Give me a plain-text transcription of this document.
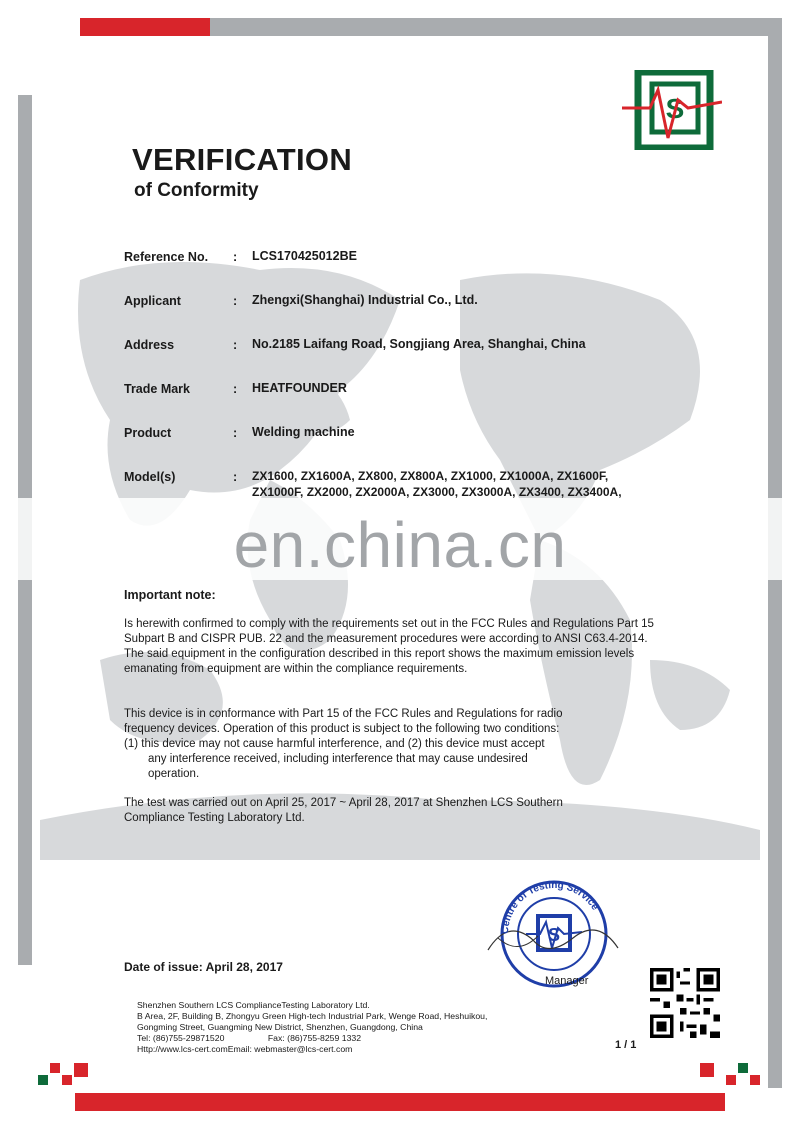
en.china.cn
S
VERIFICATION
of Conformity
Reference No. : LCS170425012BE
Applicant	: Zhengxi(Shanghai) Industrial Co., Ltd.
Address	: No.2185 Laifang Road, Songjiang Area, Shanghai, China
Trade Mark	: HEATFOUNDER
Product	: Welding machine
Model(s)	: ZX1600, ZX1600A, ZX800, ZX800A, ZX1000, ZX1000A, ZX1600F,
ZX1000F, ZX2000, ZX2000A, ZX3000, ZX3000A, ZX3400, ZX3400A,
Important note:
Is herewith confirmed to comply with the requirements set out in the FCC Rules and Regulations Part 15 Subpart B and CISPR PUB. 22 and the measurement procedures were according to ANSI C63.4-2014. The said equipment in the configuration described in this report shows the maximum emission levels emanating from equipment are within the compliance requirements.
This device is in conformance with Part 15 of the FCC Rules and Regulations for radio
frequency devices. Operation of this product is subject to the following two conditions:
(1) this device may not cause harmful interference, and (2) this device must accept
any interference received, including interference that may cause undesired
operation.
The test was carried out on April 25, 2017 ~ April 28, 2017 at Shenzhen LCS Southern
Compliance Testing Laboratory Ltd.
S
Manager
Date of issue: April 28, 2017
Shenzhen Southern LCS ComplianceTesting Laboratory Ltd.
B Area, 2F, Building B, Zhongyu Green High-tech Industrial Park, Wenge Road, Heshuikou,
Gongming Street, Guangming New District, Shenzhen, Guangdong, China
Tel: (86)755-29871520                  Fax: (86)755-8259 1332
Http://www.lcs-cert.comEmail: webmaster@lcs-cert.com	1 / 1
Centre of Testing Service
